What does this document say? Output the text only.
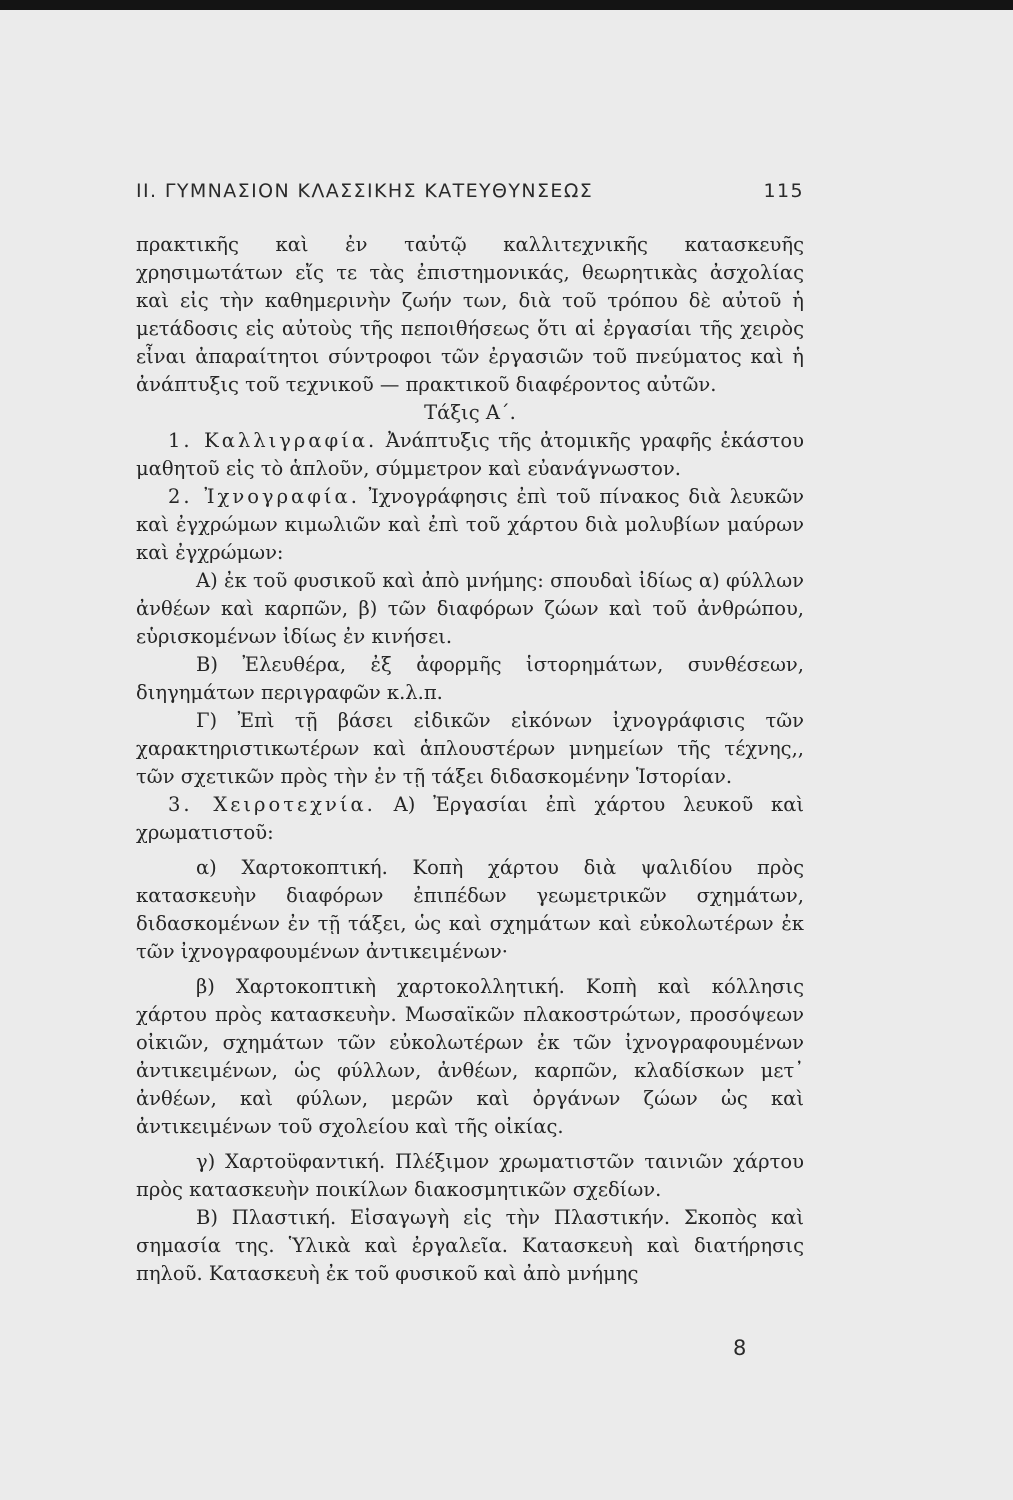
II. ΓΥΜΝΑΣΙΟΝ ΚΛΑΣΣΙΚΗΣ ΚΑΤΕΥΘΥΝΣΕΩΣ	115

πρακτικῆς καὶ ἐν ταὐτῷ καλλιτεχνικῆς κατασκευῆς χρησιμωτάτων εἴς τε τὰς ἐπιστημονικάς, θεωρητικὰς ἀσχολίας καὶ εἰς τὴν καθημερινὴν ζωήν των, διὰ τοῦ τρόπου δὲ αὐτοῦ ἡ μετάδοσις εἰς αὐτοὺς τῆς πεποιθήσεως ὅτι αἱ ἐργασίαι τῆς χειρὸς εἶναι ἀπαραίτητοι σύντροφοι τῶν ἐργασιῶν τοῦ πνεύματος καὶ ἡ ἀνάπτυξις τοῦ τεχνικοῦ — πρακτικοῦ διαφέροντος αὐτῶν.

Τάξις Α΄.

1. Καλλιγραφία. Ἀνάπτυξις τῆς ἀτομικῆς γραφῆς ἑκάστου μαθητοῦ εἰς τὸ ἁπλοῦν, σύμμετρον καὶ εὐανάγνωστον.

2. Ἰχνογραφία. Ἰχνογράφησις ἐπὶ τοῦ πίνακος διὰ λευκῶν καὶ ἐγχρώμων κιμωλιῶν καὶ ἐπὶ τοῦ χάρτου διὰ μολυβίων μαύρων καὶ ἐγχρώμων:

Α) ἐκ τοῦ φυσικοῦ καὶ ἀπὸ μνήμης: σπουδαὶ ἰδίως α) φύλλων ἀνθέων καὶ καρπῶν, β) τῶν διαφόρων ζώων καὶ τοῦ ἀνθρώπου, εὑρισκομένων ἰδίως ἐν κινήσει.

Β) Ἐλευθέρα, ἐξ ἀφορμῆς ἱστορημάτων, συνθέσεων, διηγημάτων περιγραφῶν κ.λ.π.

Γ) Ἐπὶ τῇ βάσει εἰδικῶν εἰκόνων ἰχνογράφισις τῶν χαρακτηριστικωτέρων καὶ ἁπλουστέρων μνημείων τῆς τέχνης,, τῶν σχετικῶν πρὸς τὴν ἐν τῇ τάξει διδασκομένην Ἱστορίαν.

3. Χειροτεχνία. Α) Ἐργασίαι ἐπὶ χάρτου λευκοῦ καὶ χρωματιστοῦ:

α) Χαρτοκοπτική. Κοπὴ χάρτου διὰ ψαλιδίου πρὸς κατασκευὴν διαφόρων ἐπιπέδων γεωμετρικῶν σχημάτων, διδασκομένων ἐν τῇ τάξει, ὡς καὶ σχημάτων καὶ εὐκολωτέρων ἐκ τῶν ἰχνογραφουμένων ἀντικειμένων·

β) Χαρτοκοπτικὴ χαρτοκολλητική. Κοπὴ καὶ κόλλησις χάρτου πρὸς κατασκευὴν. Μωσαϊκῶν πλακοστρώτων, προσόψεων οἰκιῶν, σχημάτων τῶν εὐκολωτέρων ἐκ τῶν ἰχνογραφουμένων ἀντικειμένων, ὡς φύλλων, ἀνθέων, καρπῶν, κλαδίσκων μετ᾽ ἀνθέων, καὶ φύλων, μερῶν καὶ ὀργάνων ζώων ὡς καὶ ἀντικειμένων τοῦ σχολείου καὶ τῆς οἰκίας.

γ) Χαρτοϋφαντική. Πλέξιμον χρωματιστῶν ταινιῶν χάρτου πρὸς κατασκευὴν ποικίλων διακοσμητικῶν σχεδίων.

Β) Πλαστική. Εἰσαγωγὴ εἰς τὴν Πλαστικήν. Σκοπὸς καὶ σημασία της. Ὑλικὰ καὶ ἐργαλεῖα. Κατασκευὴ καὶ διατήρησις πηλοῦ. Κατασκευὴ ἐκ τοῦ φυσικοῦ καὶ ἀπὸ μνήμης

8
